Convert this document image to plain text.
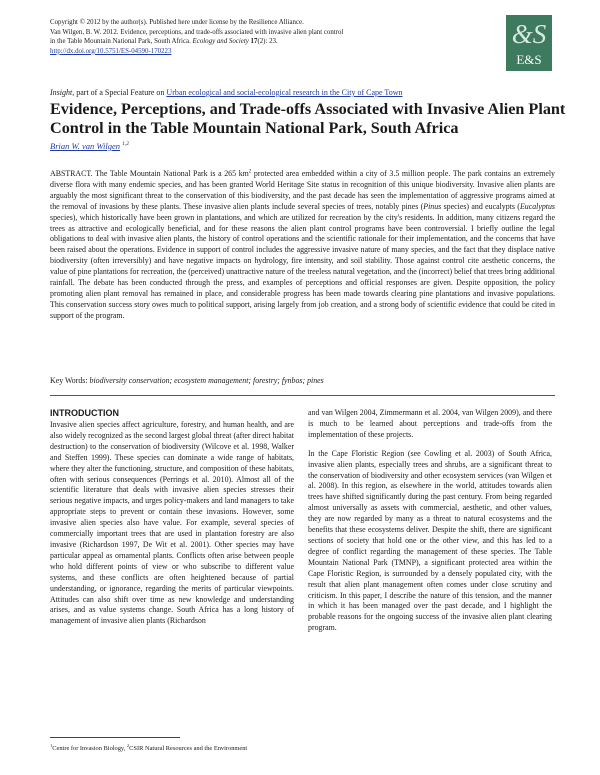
Copyright © 2012 by the author(s). Published here under license by the Resilience Alliance.
Van Wilgen, B. W. 2012. Evidence, perceptions, and trade-offs associated with invasive alien plant control
in the Table Mountain National Park, South Africa. Ecology and Society 17(2): 23.
http://dx.doi.org/10.5751/ES-04590-170223
&S
E&S
Insight, part of a Special Feature on Urban ecological and social-ecological research in the City of Cape Town
Evidence, Perceptions, and Trade-offs Associated with Invasive Alien Plant Control in the Table Mountain National Park, South Africa
Brian W. van Wilgen $^{1,2}$
ABSTRACT. The Table Mountain National Park is a 265 $km^2$ protected area embedded within a city of 3.5 million people. The park contains an extremely diverse flora with many endemic species, and has been granted World Heritage Site status in recognition of this unique biodiversity. Invasive alien plants are arguably the most significant threat to the conservation of this biodiversity, and the past decade has seen the implementation of aggressive programs aimed at the removal of invasions by these plants. These invasive alien plants include several species of trees, notably pines (Pinus species) and eucalypts (Eucalyptus species), which historically have been grown in plantations, and which are utilized for recreation by the city's residents. In addition, many citizens regard the trees as attractive and ecologically beneficial, and for these reasons the alien plant control programs have been controversial. I briefly outline the legal obligations to deal with invasive alien plants, the history of control operations and the scientific rationale for their implementation, and the concerns that have been raised about the operations. Evidence in support of control includes the aggressive invasive nature of many species, and the fact that they displace native biodiversity (often irreversibly) and have negative impacts on hydrology, fire intensity, and soil stability. Those against control cite aesthetic concerns, the value of pine plantations for recreation, the (perceived) unattractive nature of the treeless natural vegetation, and the (incorrect) belief that trees bring additional rainfall. The debate has been conducted through the press, and examples of perceptions and official responses are given. Despite opposition, the policy promoting alien plant removal has remained in place, and considerable progress has been made towards clearing pine plantations and invasive populations. This conservation success story owes much to political support, arising largely from job creation, and a strong body of scientific evidence that could be cited in support of the program.
Key Words: biodiversity conservation; ecosystem management; forestry; fynbos; pines
INTRODUCTION

Invasive alien species affect agriculture, forestry, and human health, and are also widely recognized as the second largest global threat (after direct habitat destruction) to the conservation of biodiversity (Wilcove et al. 1998, Walker and Steffen 1999). These species can dominate a wide range of habitats, where they alter the functioning, structure, and composition of these habitats, often with serious consequences (Perrings et al. 2010). Almost all of the scientific literature that deals with invasive alien species stresses their serious negative impacts, and urges policy-makers and land managers to take appropriate steps to prevent or contain these invasions. However, some invasive alien species also have value. For example, several species of commercially important trees that are used in plantation forestry are also invasive (Richardson 1997, De Wit et al. 2001). Other species may have particular appeal as ornamental plants. Conflicts often arise between people who hold different points of view or who subscribe to different value systems, and these conflicts are often heightened because of partial understanding, or ignorance, regarding the merits of particular viewpoints. Attitudes can also shift over time as new knowledge and understanding arises, and as value systems change. South Africa has a long history of management of invasive alien plants (Richardson

and van Wilgen 2004, Zimmermann et al. 2004, van Wilgen 2009), and there is much to be learned about perceptions and trade-offs from the implementation of these projects.

In the Cape Floristic Region (see Cowling et al. 2003) of South Africa, invasive alien plants, especially trees and shrubs, are a significant threat to the conservation of biodiversity and other ecosystem services (van Wilgen et al. 2008). In this region, as elsewhere in the world, attitudes towards alien trees have shifted significantly during the past century. From being regarded almost universally as assets with commercial, aesthetic, and other values, they are now regarded by many as a threat to natural ecosystems and the benefits that these ecosystems deliver. Despite the shift, there are significant sections of society that hold one or the other view, and this has led to a degree of conflict regarding the management of these species. The Table Mountain National Park (TMNP), a significant protected area within the Cape Floristic Region, is surrounded by a densely populated city, with the result that alien plant management often comes under close scrutiny and criticism. In this paper, I describe the nature of this tension, and the manner in which it has been managed over the past decade, and I highlight the probable reasons for the ongoing success of the invasive alien plant clearing program.

$^1$Centre for Invasion Biology, $^2$CSIR Natural Resources and the Environment
